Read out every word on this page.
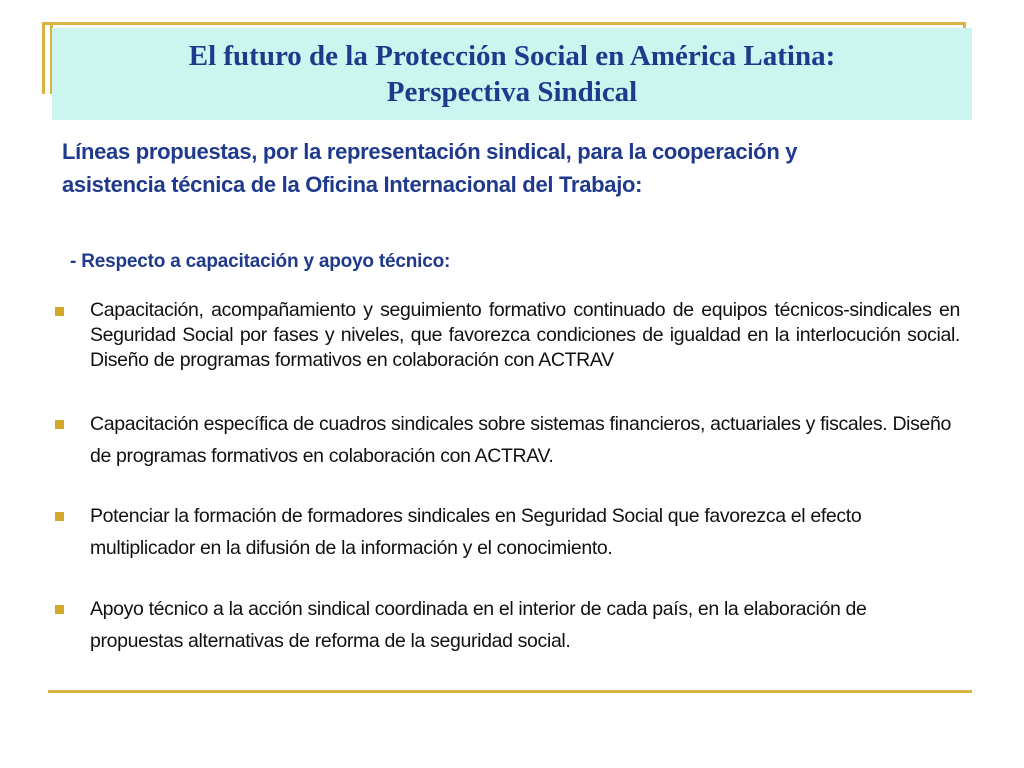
El futuro de la Protección Social en América Latina:
Perspectiva Sindical

Líneas propuestas, por la representación sindical, para la cooperación y
asistencia técnica de la Oficina Internacional del Trabajo:

- Respecto a capacitación y apoyo técnico:

Capacitación, acompañamiento y seguimiento formativo continuado de equipos técnicos-sindicales en Seguridad Social por fases y niveles, que favorezca condiciones de igualdad en la interlocución social. Diseño de programas formativos en colaboración con ACTRAV
Capacitación específica de cuadros sindicales sobre sistemas financieros, actuariales y fiscales. Diseño de programas formativos en colaboración con ACTRAV.
Potenciar la formación de formadores sindicales en Seguridad Social que favorezca el efecto multiplicador en la difusión de la información y el conocimiento.
Apoyo técnico a la acción sindical coordinada en el interior de cada país, en la elaboración de propuestas alternativas de reforma de la seguridad social.
